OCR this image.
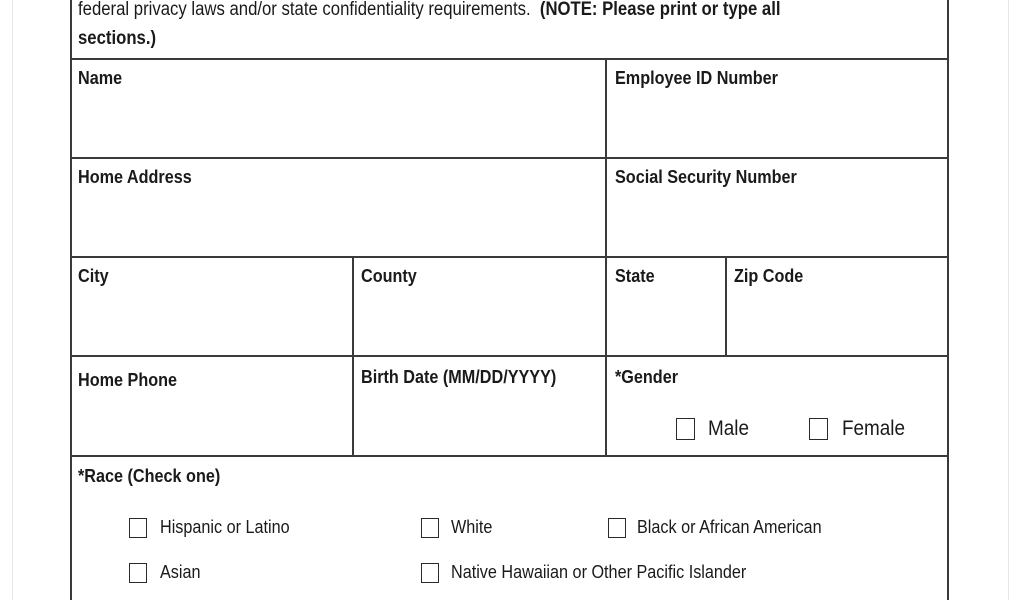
federal privacy laws and/or state confidentiality requirements. (NOTE: Please print or type all
sections.)
Name	Employee ID Number
Home Address	Social Security Number
City	County	State	Zip Code
Home Phone	Birth Date (MM/DD/YYYY)	*Gender
*Race (Check one)
Male	Female
Hispanic or Latino	White	Black or African American
Asian	Native Hawaiian or Other Pacific Islander
